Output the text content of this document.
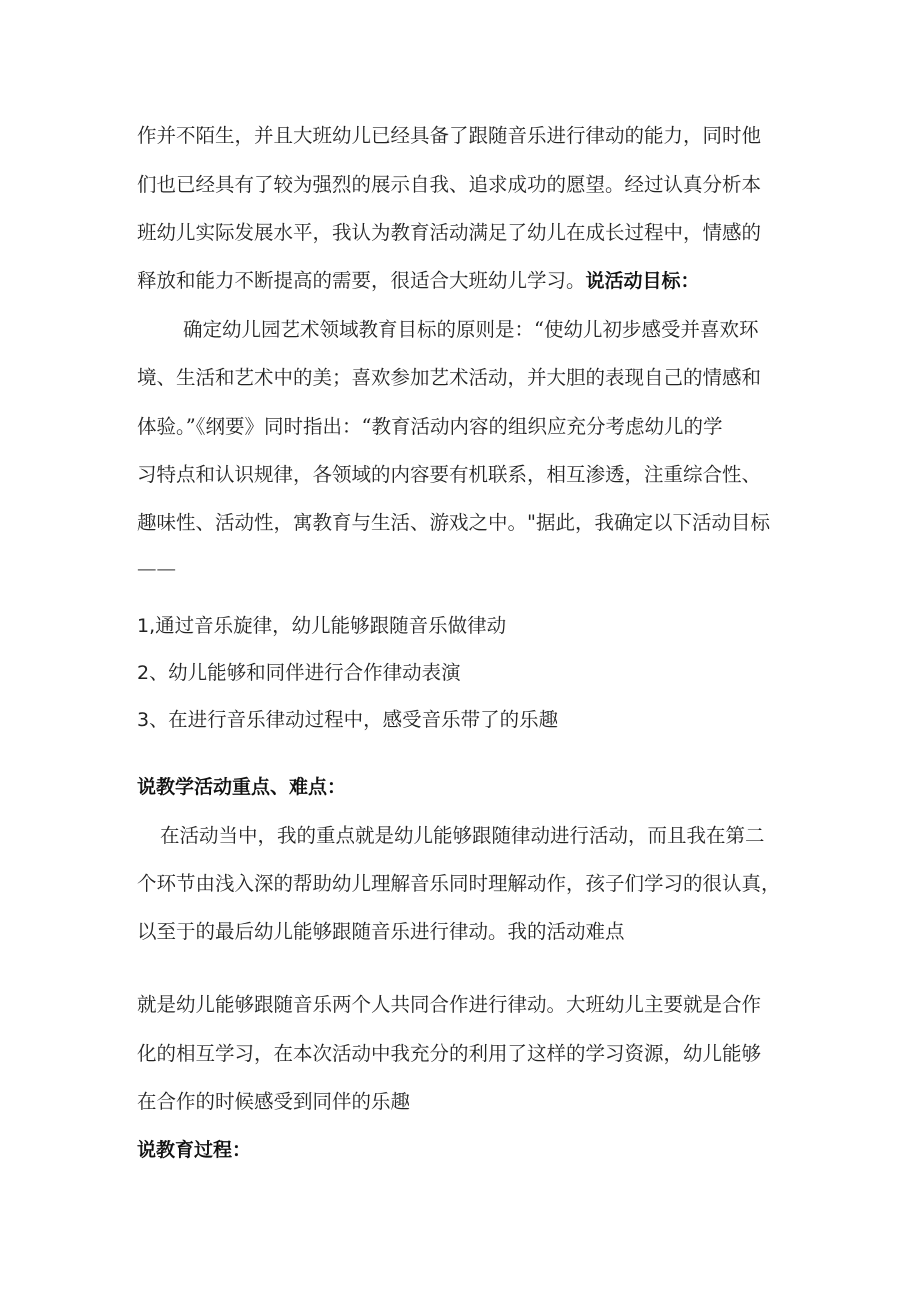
作并不陌生，并且大班幼儿已经具备了跟随音乐进行律动的能力，同时他
们也已经具有了较为强烈的展示自我、追求成功的愿望。经过认真分析本
班幼儿实际发展水平，我认为教育活动满足了幼儿在成长过程中，情感的
释放和能力不断提高的需要，很适合大班幼儿学习。说活动目标：
确定幼儿园艺术领域教育目标的原则是：“使幼儿初步感受并喜欢环
境、生活和艺术中的美；喜欢参加艺术活动，并大胆的表现自己的情感和
体验。”《纲要》同时指出：“教育活动内容的组织应充分考虑幼儿的学
习特点和认识规律，各领域的内容要有机联系，相互渗透，注重综合性、
趣味性、活动性，寓教育与生活、游戏之中。"据此，我确定以下活动目标
——
1,通过音乐旋律，幼儿能够跟随音乐做律动
2、幼儿能够和同伴进行合作律动表演
3、在进行音乐律动过程中，感受音乐带了的乐趣
说教学活动重点、难点：
在活动当中，我的重点就是幼儿能够跟随律动进行活动，而且我在第二
个环节由浅入深的帮助幼儿理解音乐同时理解动作，孩子们学习的很认真，
以至于的最后幼儿能够跟随音乐进行律动。我的活动难点
就是幼儿能够跟随音乐两个人共同合作进行律动。大班幼儿主要就是合作
化的相互学习，在本次活动中我充分的利用了这样的学习资源，幼儿能够
在合作的时候感受到同伴的乐趣
说教育过程：
